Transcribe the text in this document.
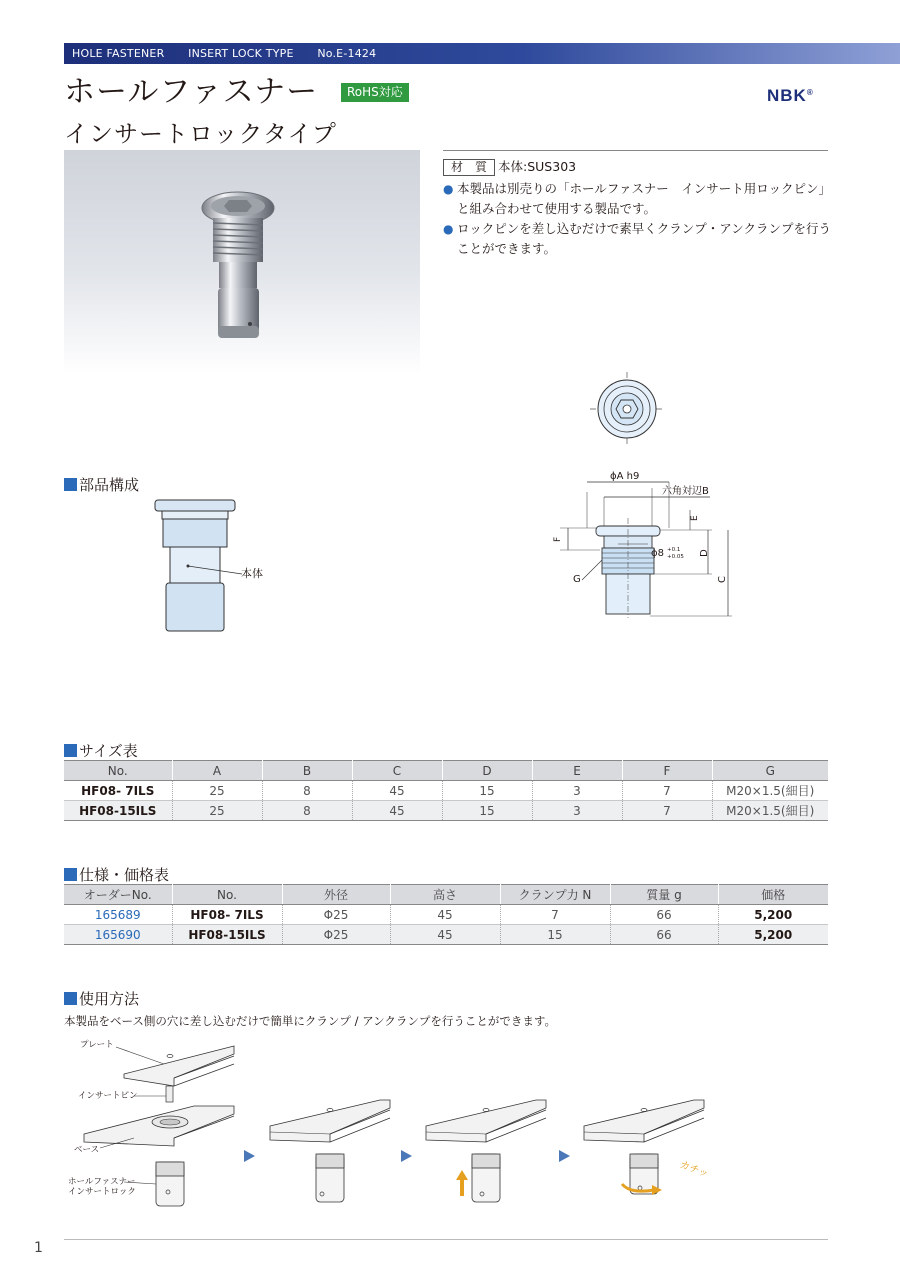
HOLE FASTENER INSERT LOCK TYPE No.E-1424
ホールファスナー	RoHS対応	NBK®
インサートロックタイプ
材　質 本体:SUS303
● 本製品は別売りの「ホールファスナー　インサート用ロックピン」と組み合わせて使用する製品です。
● ロックピンを差し込むだけで素早くクランプ・アンクランプを行うことができます。
ϕA h9
六角対辺B
E
F
ϕ8 +0.1
+0.05 D
C
G
部品構成
本体
サイズ表
No.	A	B	C	D	E	F	G
HF08- 7ILS	25	8	45	15	3	7	M20×1.5(細目)
HF08-15ILS	25	8	45	15	3	7	M20×1.5(細目)
仕様・価格表
オーダーNo.	No.	外径	高さ	クランプ力 N	質量 g	価格
165689	HF08- 7ILS	Φ25	45	7	66	5,200
165690	HF08-15ILS	Φ25	45	15	66	5,200
使用方法
本製品をベース側の穴に差し込むだけで簡単にクランプ / アンクランプを行うことができます。
プレート
インサートピン
ベース
ホールファスナー
インサートロック
カチッ
1
